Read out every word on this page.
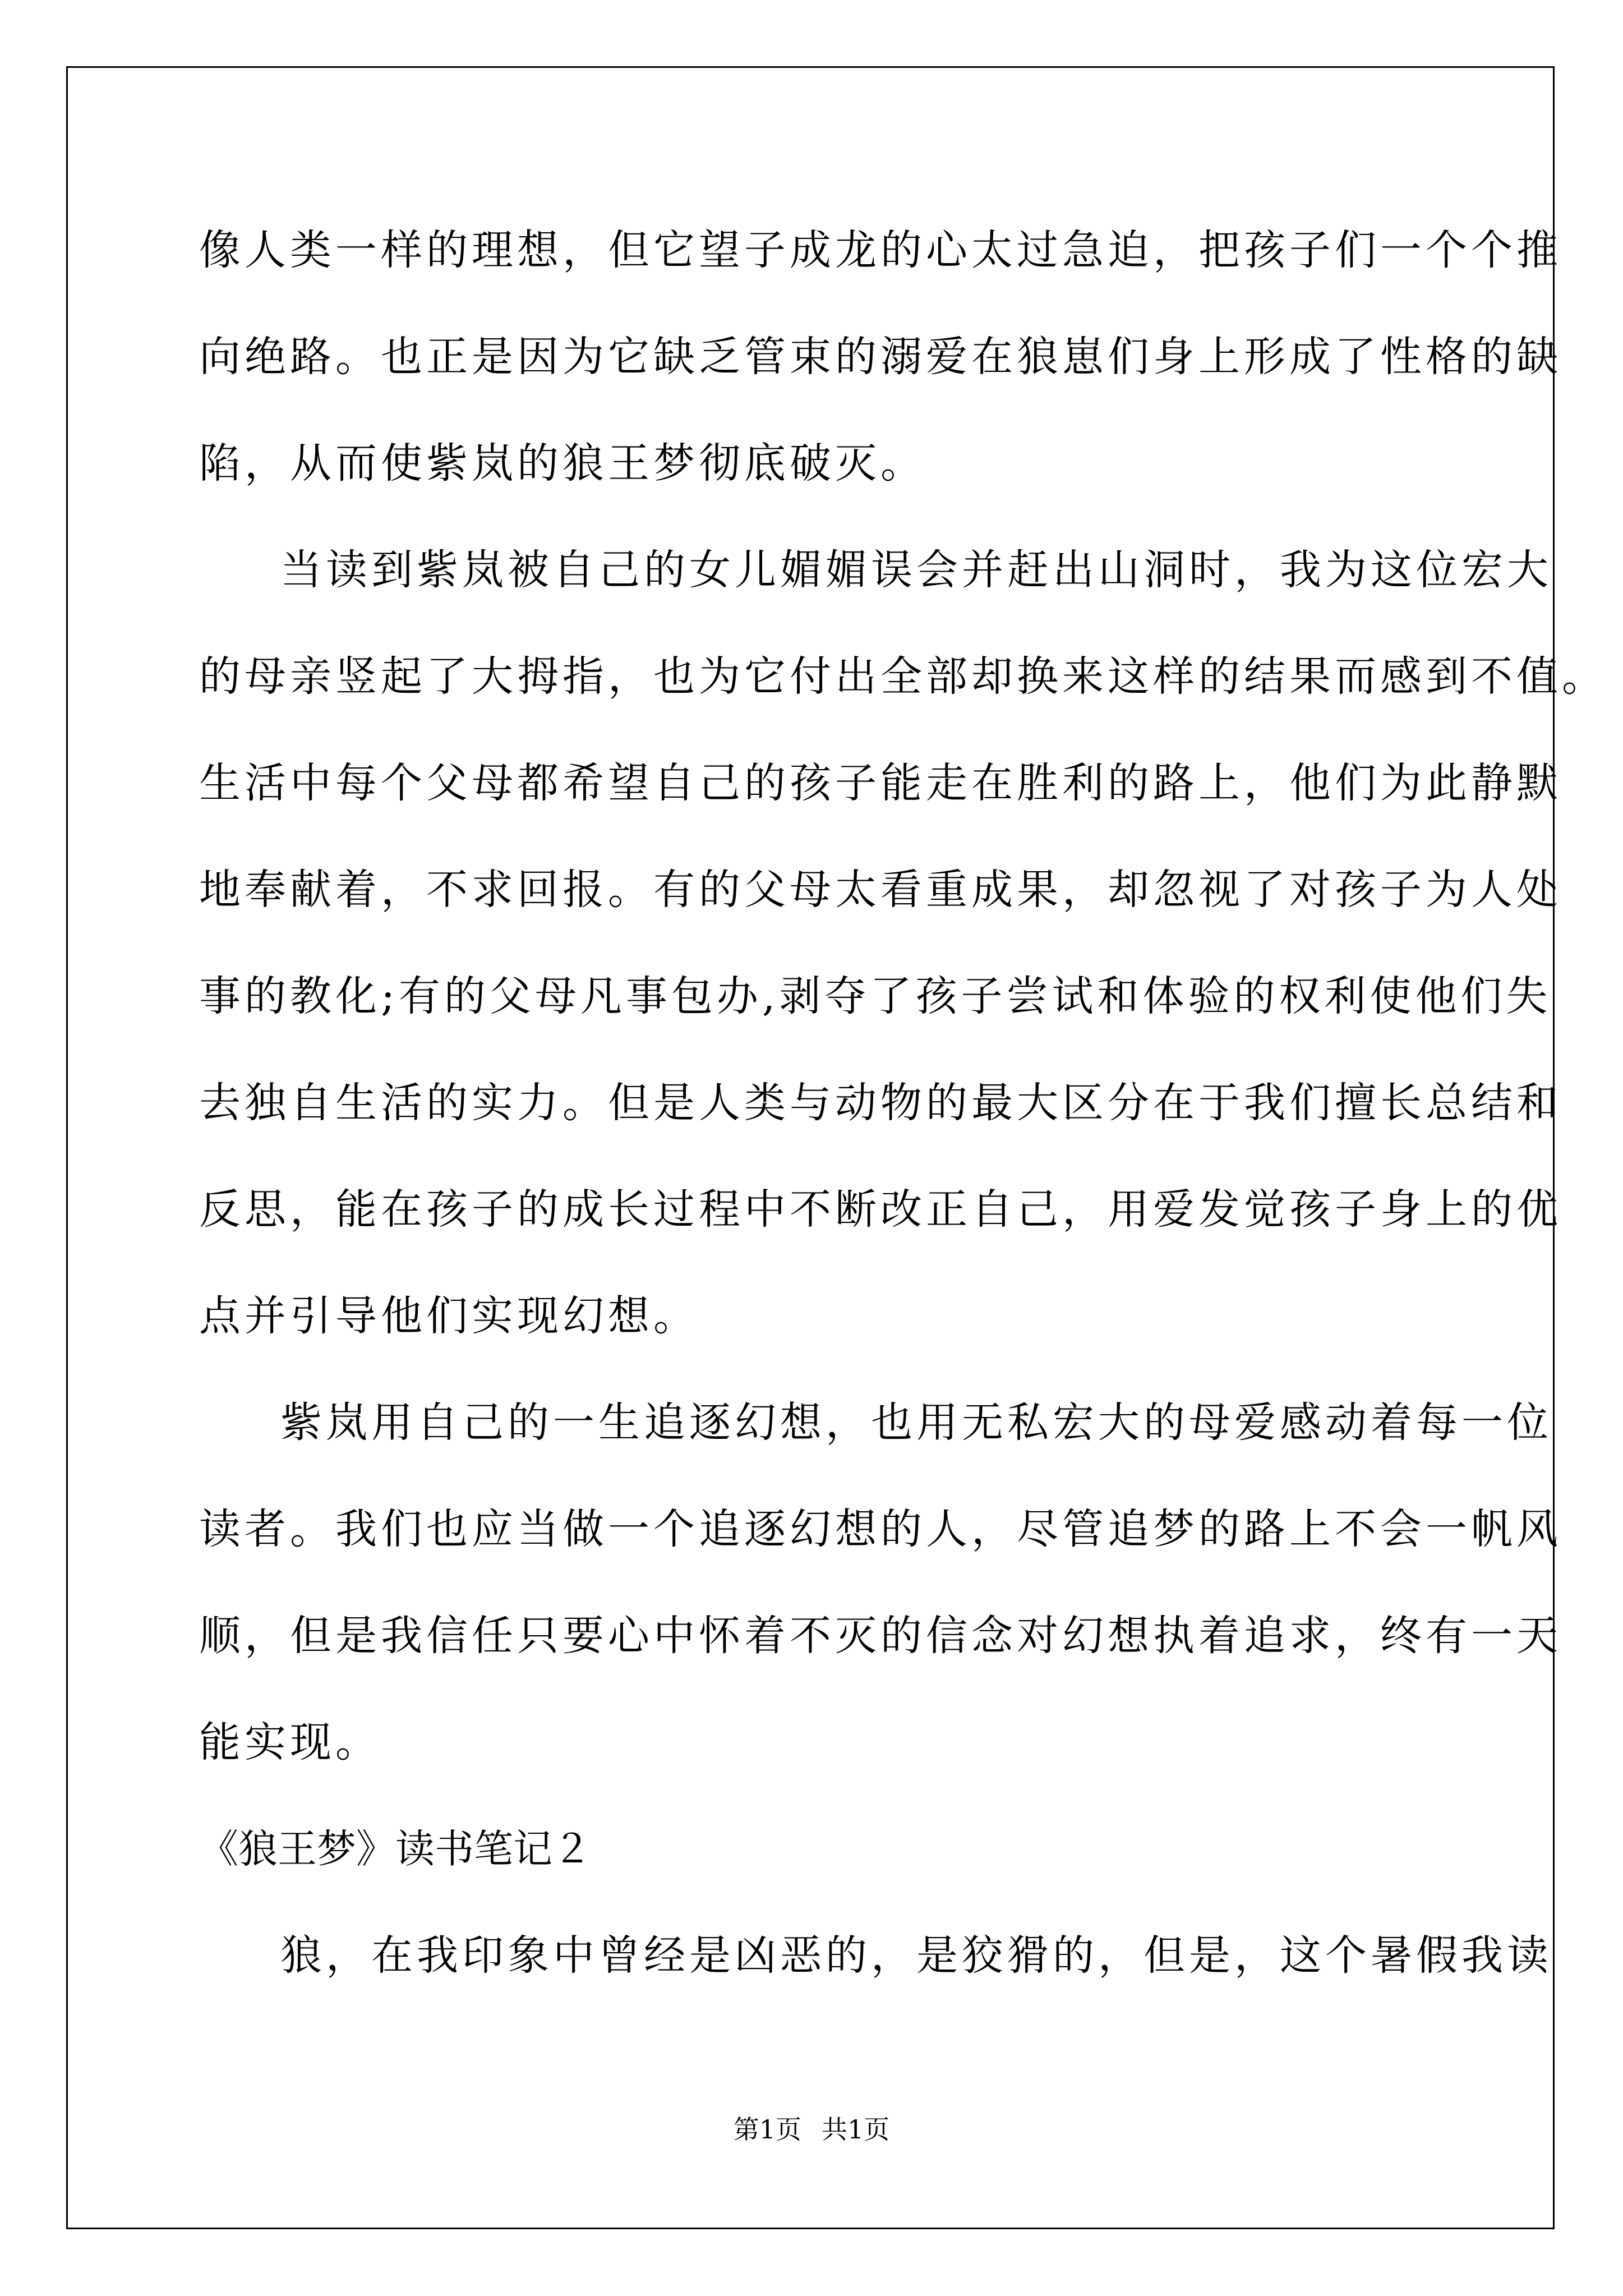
像人类一样的理想，但它望子成龙的心太过急迫，把孩子们一个个推
向绝路。也正是因为它缺乏管束的溺爱在狼崽们身上形成了性格的缺
陷，从而使紫岚的狼王梦彻底破灭。
当读到紫岚被自己的女儿媚媚误会并赶出山洞时，我为这位宏大
的母亲竖起了大拇指，也为它付出全部却换来这样的结果而感到不值。
生活中每个父母都希望自己的孩子能走在胜利的路上，他们为此静默
地奉献着，不求回报。有的父母太看重成果，却忽视了对孩子为人处
事的教化;有的父母凡事包办,剥夺了孩子尝试和体验的权利使他们失
去独自生活的实力。但是人类与动物的最大区分在于我们擅长总结和
反思，能在孩子的成长过程中不断改正自己，用爱发觉孩子身上的优
点并引导他们实现幻想。
紫岚用自己的一生追逐幻想，也用无私宏大的母爱感动着每一位
读者。我们也应当做一个追逐幻想的人，尽管追梦的路上不会一帆风
顺，但是我信任只要心中怀着不灭的信念对幻想执着追求，终有一天
能实现。
《狼王梦》读书笔记２
狼，在我印象中曾经是凶恶的，是狡猾的，但是，这个暑假我读
第1页 共1页
